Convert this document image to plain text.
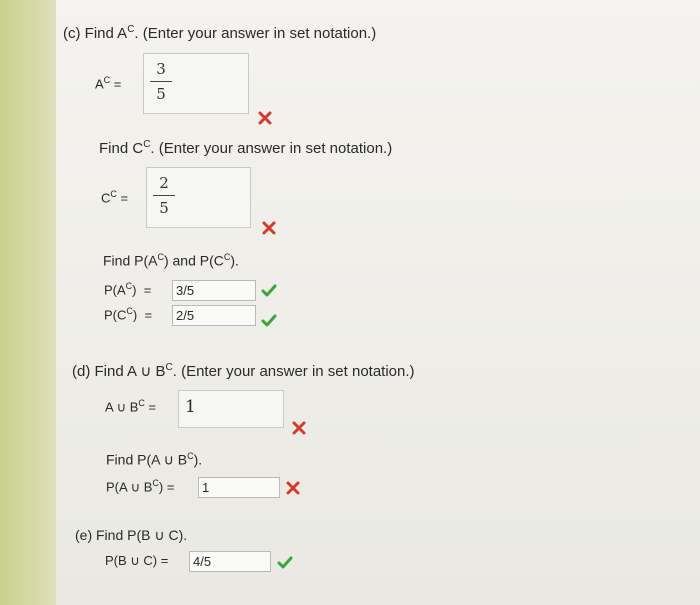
(c) Find $A^C$. (Enter your answer in set notation.)
$A^C$ =
3
5
Find $C^C$. (Enter your answer in set notation.)
$C^C$ =
2
5
Find $P(A^C)$ and $P(C^C)$.
$P(A^C)$ =	3/5
$P(C^C)$ =	2/5
(d) Find A ∪ $B^C$. (Enter your answer in set notation.)
A ∪ $B^C = 1$
Find P(A ∪ $B^C$).
P(A ∪ $B^C$) =	1
(e) Find P(B ∪ C).
P(B ∪ C) =	4/5
